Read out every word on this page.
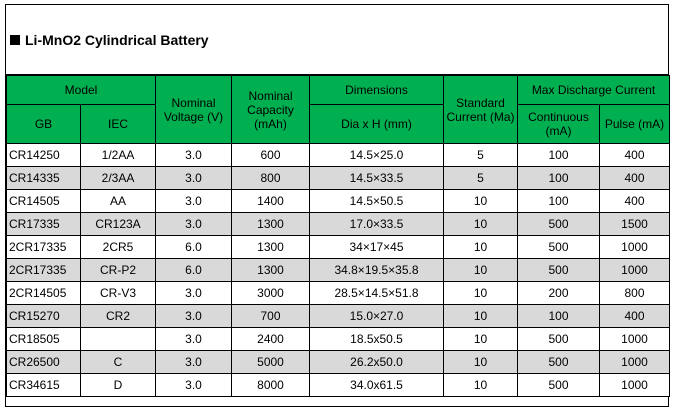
Li-MnO2 Cylindrical Battery
Model		Nominal Voltage (V)	Nominal Capacity (mAh)	Dimensions	Standard Current (Ma)	Max Discharge Current	
GB	IEC			Dia x H (mm)		Continuous (mA)	Pulse (mA)
CR14250	1/2AA	3.0	600	14.5×25.0	5	100	400
CR14335	2/3AA	3.0	800	14.5×33.5	5	100	400
CR14505	AA	3.0	1400	14.5×50.5	10	100	400
CR17335	CR123A	3.0	1300	17.0×33.5	10	500	1500
2CR17335	2CR5	6.0	1300	34×17×45	10	500	1000
2CR17335	CR-P2	6.0	1300	34.8×19.5×35.8	10	500	1000
2CR14505	CR-V3	3.0	3000	28.5×14.5×51.8	10	200	800
CR15270	CR2	3.0	700	15.0×27.0	10	100	400
CR18505		3.0	2400	18.5x50.5	10	500	1000
CR26500	C	3.0	5000	26.2x50.0	10	500	1000
CR34615	D	3.0	8000	34.0x61.5	10	500	1000
